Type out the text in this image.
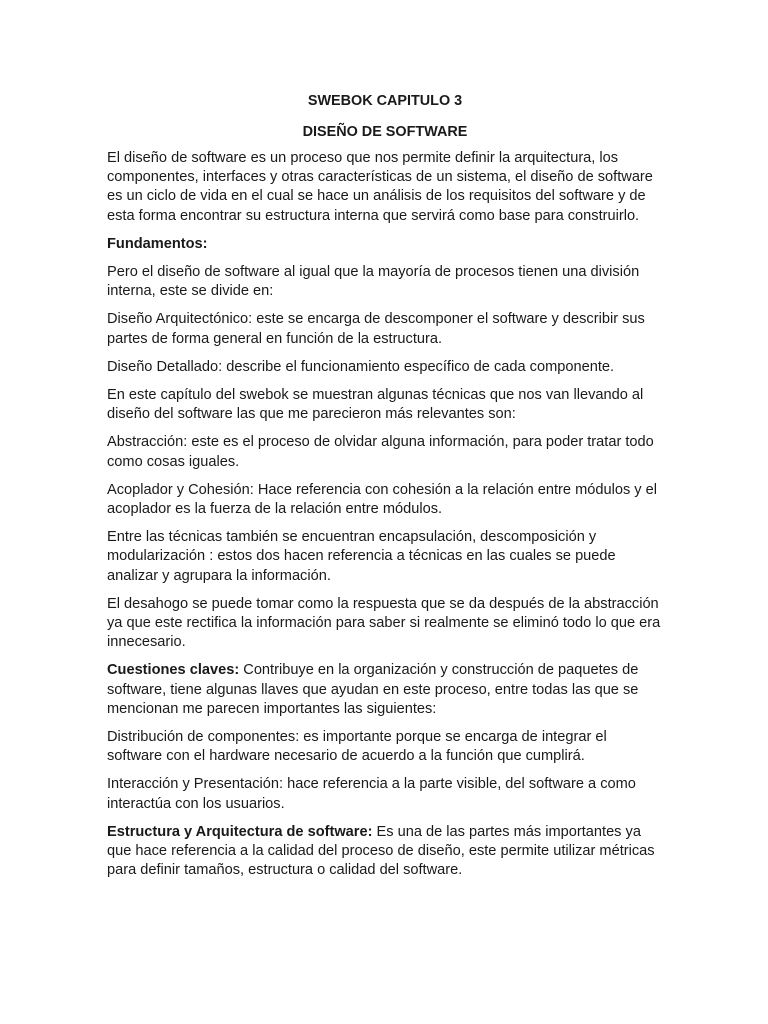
SWEBOK CAPITULO 3
DISEÑO DE SOFTWARE

El diseño de software es un proceso que nos permite definir la arquitectura, los componentes, interfaces y otras características de un sistema, el diseño de software es un ciclo de vida en el cual se hace un análisis de los requisitos del software y de esta forma encontrar su estructura interna que servirá como base para construirlo.

Fundamentos:

Pero el diseño de software al igual que la mayoría de procesos tienen una división interna, este se divide en:

Diseño Arquitectónico: este se encarga de descomponer el software y describir sus partes de forma general en función de la estructura.

Diseño Detallado: describe el funcionamiento específico de cada componente.

En este capítulo del swebok se muestran algunas técnicas que nos van llevando al diseño del software las que me parecieron más relevantes son:

Abstracción: este es el proceso de olvidar alguna información, para poder tratar todo como cosas iguales.

Acoplador y Cohesión: Hace referencia con cohesión a la relación entre módulos y el acoplador es la fuerza de la relación entre módulos.

Entre las técnicas también se encuentran encapsulación, descomposición y modularización : estos dos hacen referencia a técnicas en las cuales se puede analizar y agrupara la información.

El desahogo se puede tomar como la respuesta que se da después de la abstracción ya que este rectifica la información para saber si realmente se eliminó todo lo que era innecesario.

Cuestiones claves: Contribuye en la organización y construcción de paquetes de software, tiene algunas llaves que ayudan en este proceso, entre todas las que se mencionan me parecen importantes las siguientes:

Distribución de componentes: es importante porque se encarga de integrar el software con el hardware necesario de acuerdo a la función que cumplirá.

Interacción y Presentación: hace referencia a la parte visible, del software a como interactúa con los usuarios.

Estructura y Arquitectura de software: Es una de las partes más importantes ya que hace referencia a la calidad del proceso de diseño, este permite utilizar métricas para definir tamaños, estructura o calidad del software.
